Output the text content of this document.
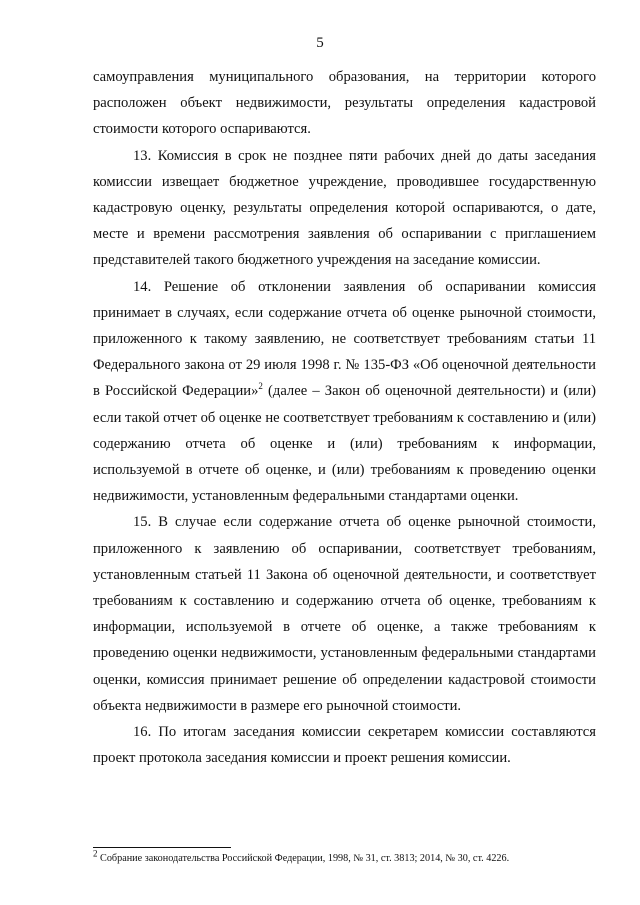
5

самоуправления муниципального образования, на территории которого расположен объект недвижимости, результаты определения кадастровой стоимости которого оспариваются.

13. Комиссия в срок не позднее пяти рабочих дней до даты заседания комиссии извещает бюджетное учреждение, проводившее государственную кадастровую оценку, результаты определения которой оспариваются, о дате, месте и времени рассмотрения заявления об оспаривании с приглашением представителей такого бюджетного учреждения на заседание комиссии.

14. Решение об отклонении заявления об оспаривании комиссия принимает в случаях, если содержание отчета об оценке рыночной стоимости, приложенного к такому заявлению, не соответствует требованиям статьи 11 Федерального закона от 29 июля 1998 г. № 135-ФЗ «Об оценочной деятельности в Российской Федерации»$^2$ (далее – Закон об оценочной деятельности) и (или) если такой отчет об оценке не соответствует требованиям к составлению и (или) содержанию отчета об оценке и (или) требованиям к информации, используемой в отчете об оценке, и (или) требованиям к проведению оценки недвижимости, установленным федеральными стандартами оценки.

15. В случае если содержание отчета об оценке рыночной стоимости, приложенного к заявлению об оспаривании, соответствует требованиям, установленным статьей 11 Закона об оценочной деятельности, и соответствует требованиям к составлению и содержанию отчета об оценке, требованиям к информации, используемой в отчете об оценке, а также требованиям к проведению оценки недвижимости, установленным федеральными стандартами оценки, комиссия принимает решение об определении кадастровой стоимости объекта недвижимости в размере его рыночной стоимости.

16. По итогам заседания комиссии секретарем комиссии составляются проект протокола заседания комиссии и проект решения комиссии.

$^2$ Собрание законодательства Российской Федерации, 1998, № 31, ст. 3813; 2014, № 30, ст. 4226.
